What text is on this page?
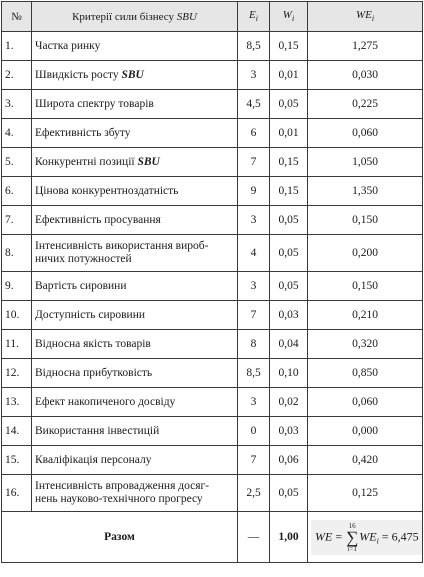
№	Критерії сили бізнесу SBU	$E_i$	$W_i$	$WE_i$
1.	Частка ринку	8,5	0,15	1,275
2.	Швидкість росту SBU	3	0,01	0,030
3.	Широта спектру товарів	4,5	0,05	0,225
4.	Ефективність збуту	6	0,01	0,060
5.	Конкурентні позиції SBU	7	0,15	1,050
6.	Цінова конкурентноздатність	9	0,15	1,350
7.	Ефективність просування	3	0,05	0,150
8.	Інтенсивність використання вироб-
ничих потужностей	4	0,05	0,200
9.	Вартість сировини	3	0,05	0,150
10.	Доступність сировини	7	0,03	0,210
11.	Відносна якість товарів	8	0,04	0,320
12.	Відносна прибутковість	8,5	0,10	0,850
13.	Ефект накопиченого досвіду	3	0,02	0,060
14.	Використання інвестицій	0	0,03	0,000
15.	Кваліфікація персоналу	7	0,06	0,420
16.	Інтенсивність впровадження досяг-
нень науково-технічного прогресу	2,5	0,05	0,125
Разом		—	1,00	WE =
16
∑
i=1
$WE_i = 6,475$
